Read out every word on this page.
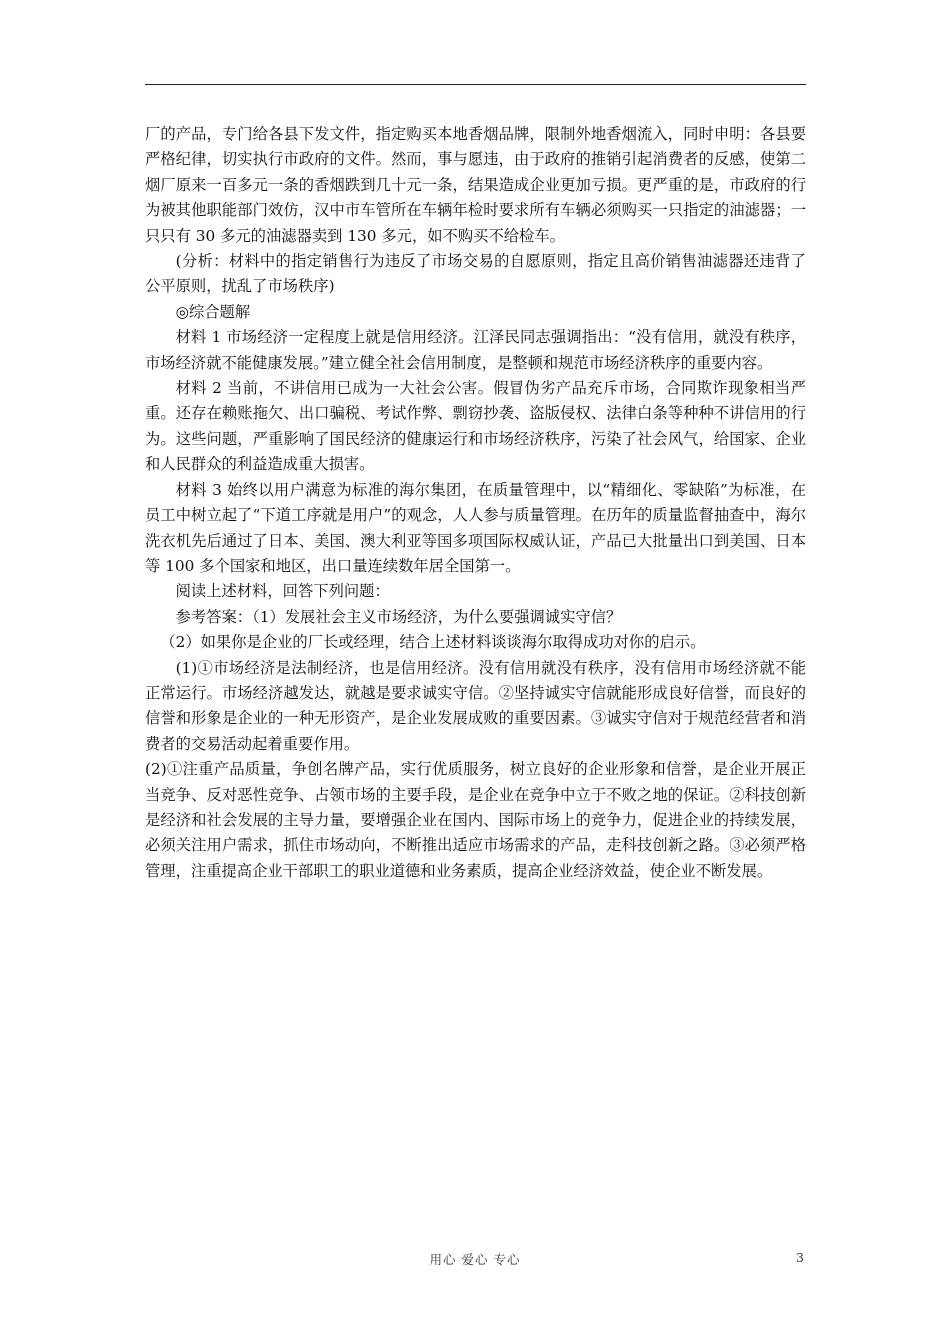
厂的产品，专门给各县下发文件，指定购买本地香烟品牌，限制外地香烟流入，同时申明：各县要严格纪律，切实执行市政府的文件。然而，事与愿违，由于政府的推销引起消费者的反感，使第二烟厂原来一百多元一条的香烟跌到几十元一条，结果造成企业更加亏损。更严重的是，市政府的行为被其他职能部门效仿，汉中市车管所在车辆年检时要求所有车辆必须购买一只指定的油滤器；一只只有 30 多元的油滤器卖到 130 多元，如不购买不给检车。

(分析：材料中的指定销售行为违反了市场交易的自愿原则，指定且高价销售油滤器还违背了公平原则，扰乱了市场秩序)

◎综合题解

材料 1 市场经济一定程度上就是信用经济。江泽民同志强调指出：“没有信用，就没有秩序，市场经济就不能健康发展。”建立健全社会信用制度，是整顿和规范市场经济秩序的重要内容。

材料 2 当前，不讲信用已成为一大社会公害。假冒伪劣产品充斥市场，合同欺诈现象相当严重。还存在赖账拖欠、出口骗税、考试作弊、剽窃抄袭、盗版侵权、法律白条等种种不讲信用的行为。这些问题，严重影响了国民经济的健康运行和市场经济秩序，污染了社会风气，给国家、企业和人民群众的利益造成重大损害。

材料 3 始终以用户满意为标准的海尔集团，在质量管理中，以“精细化、零缺陷”为标准，在员工中树立起了“下道工序就是用户”的观念，人人参与质量管理。在历年的质量监督抽查中，海尔洗衣机先后通过了日本、美国、澳大利亚等国多项国际权威认证，产品已大批量出口到美国、日本等 100 多个国家和地区，出口量连续数年居全国第一。

阅读上述材料，回答下列问题：

参考答案：（1）发展社会主义市场经济，为什么要强调诚实守信？

（2）如果你是企业的厂长或经理，结合上述材料谈谈海尔取得成功对你的启示。

(1)①市场经济是法制经济，也是信用经济。没有信用就没有秩序，没有信用市场经济就不能正常运行。市场经济越发达，就越是要求诚实守信。②坚持诚实守信就能形成良好信誉，而良好的信誉和形象是企业的一种无形资产，是企业发展成败的重要因素。③诚实守信对于规范经营者和消费者的交易活动起着重要作用。

(2)①注重产品质量，争创名牌产品，实行优质服务，树立良好的企业形象和信誉，是企业开展正当竞争、反对恶性竞争、占领市场的主要手段，是企业在竞争中立于不败之地的保证。②科技创新是经济和社会发展的主导力量，要增强企业在国内、国际市场上的竞争力，促进企业的持续发展，必须关注用户需求，抓住市场动向，不断推出适应市场需求的产品，走科技创新之路。③必须严格管理，注重提高企业干部职工的职业道德和业务素质，提高企业经济效益，使企业不断发展。

用心 爱心 专心	3
